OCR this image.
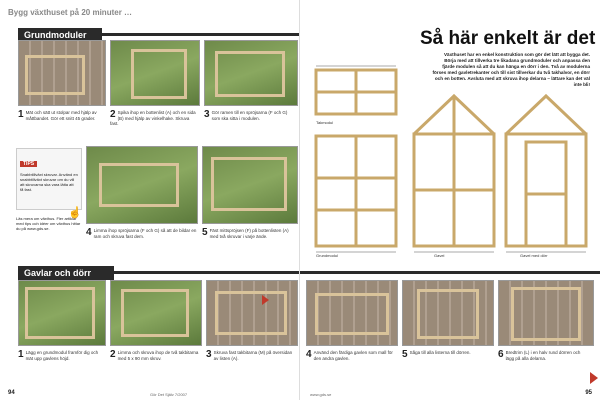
Bygg växthuset på 20 minuter …
Grundmoduler
1 Mät och sätt ut stolpar med hjälp av måttbandet. Gör ett snitt 45 grader.	2 Spika ihop en bottenlist (A) och en sida (B) med hjälp av vinkelhake. Skruva fast.
3 Gör ramen till en spröjsarna (F och G) som ska sitta i modulen.
TIPS
Snabbtillväxt skruvar. Använd en snabbtillväxt skruvar om du vill att skruvarna ska vara lätta att få fast.
Läs mera om växthus. Fler artiklar med tips och idéer om växthus hittar du på www.gds.se.
☝
4 Limma ihop spröjsarna (F och G) så att de bildar en ram och skruva fast dem.	5 Fäst mittspröjsen (F) på bottenlisten (A) med två skruvar i varje ände.
Gavlar och dörr
1 Lägg en grundmodul framför dig och mät upp gavlens höjd.	2 Limma och skruva ihop de två takbitarna med 5 x 90 mm skruv.	3 Skruva fast takbitarna (M) på översidan av listen (A).
94	Gör Det Själv 7/2007
Så här enkelt är det
Växthuset har en enkel konstruktion som gör det lätt att bygga det. Börja med att tillverka tre likadana grundmoduler och anpassa den fjärde modulen så att du kan hänga en dörr i den. Två av modulerna förses med gavletrekanter och till sist tillverkar du två takhalvor, en dörr och en botten. Avsluta med att skruva ihop delarna – lättare kan det väl inte bli!
Takmodul
Grundmodul	Gavel	Gavel med dörr
4 Använd den färdiga gavlen som mall för den andra gavlen.	5 Såga till alla listerna till dörren.	6 Bredtrim (L) i en halv rund dörren och lägg på alla delarna.
www.gds.se	95
